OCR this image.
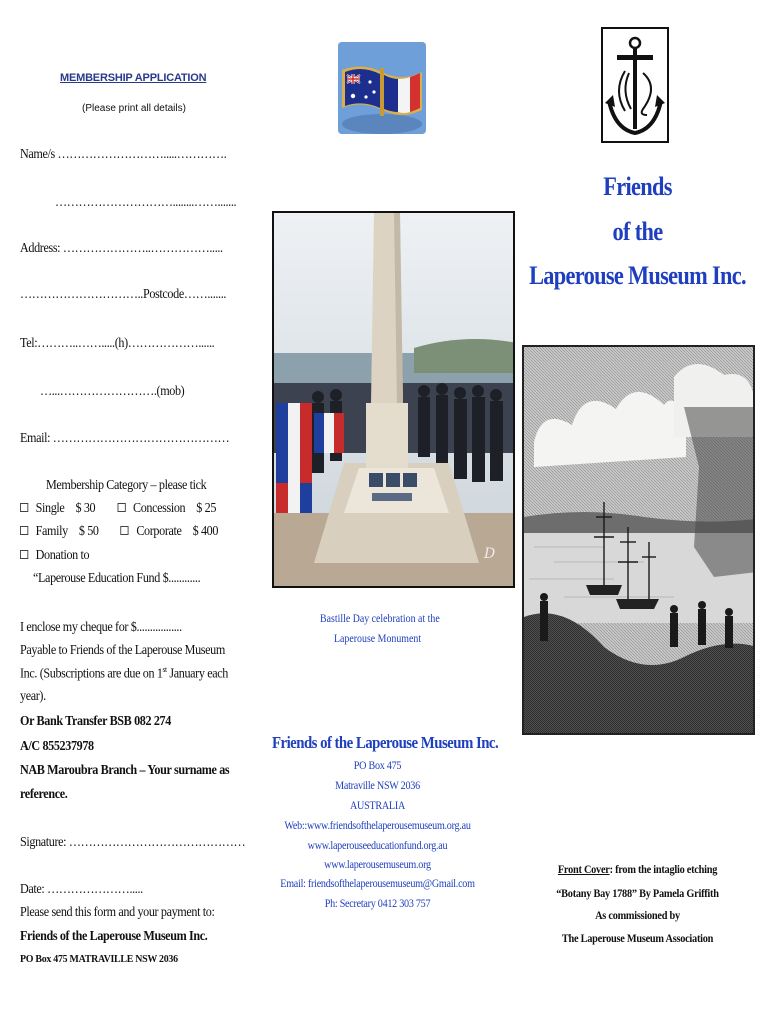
MEMBERSHIP APPLICATION
(Please print all details)
Name/s ……………………….....………….
…………………………........…….......
Address: …………………..…………….....
…………………………..Postcode…….......
Tel:………..…….....(h)………………......
…...…………………….(mob)
Email: ………………………………………
Membership Category – please tick
Single $ 30	Concession $ 25
Family $ 50	Corporate $ 400
Donation to
“Laperouse Education Fund $............
I enclose my cheque for $.................
Payable to Friends of the Laperouse Museum
Inc. (Subscriptions are due on 1st January each
year).
Or Bank Transfer BSB 082 274
A/C 855237978
NAB Maroubra Branch – Your surname as
reference.
Signature: ………………………………………
Date: ………………….....
Please send this form and your payment to:
Friends of the Laperouse Museum Inc.
PO Box 475 MATRAVILLE NSW 2036
D
Bastille Day celebration at the
Laperouse Monument
Friends of the Laperouse Museum Inc.
PO Box 475
Matraville NSW 2036
AUSTRALIA
Web::www.friendsofthelaperousemuseum.org.au
www.laperouseeducationfund.org.au
www.laperousemuseum.org
Email: friendsofthelaperousemuseum@Gmail.com
Ph: Secretary 0412 303 757
Friends
of the
Laperouse Museum Inc.
Front Cover: from the intaglio etching
“Botany Bay 1788” By Pamela Griffith
As commissioned by
The Laperouse Museum Association
